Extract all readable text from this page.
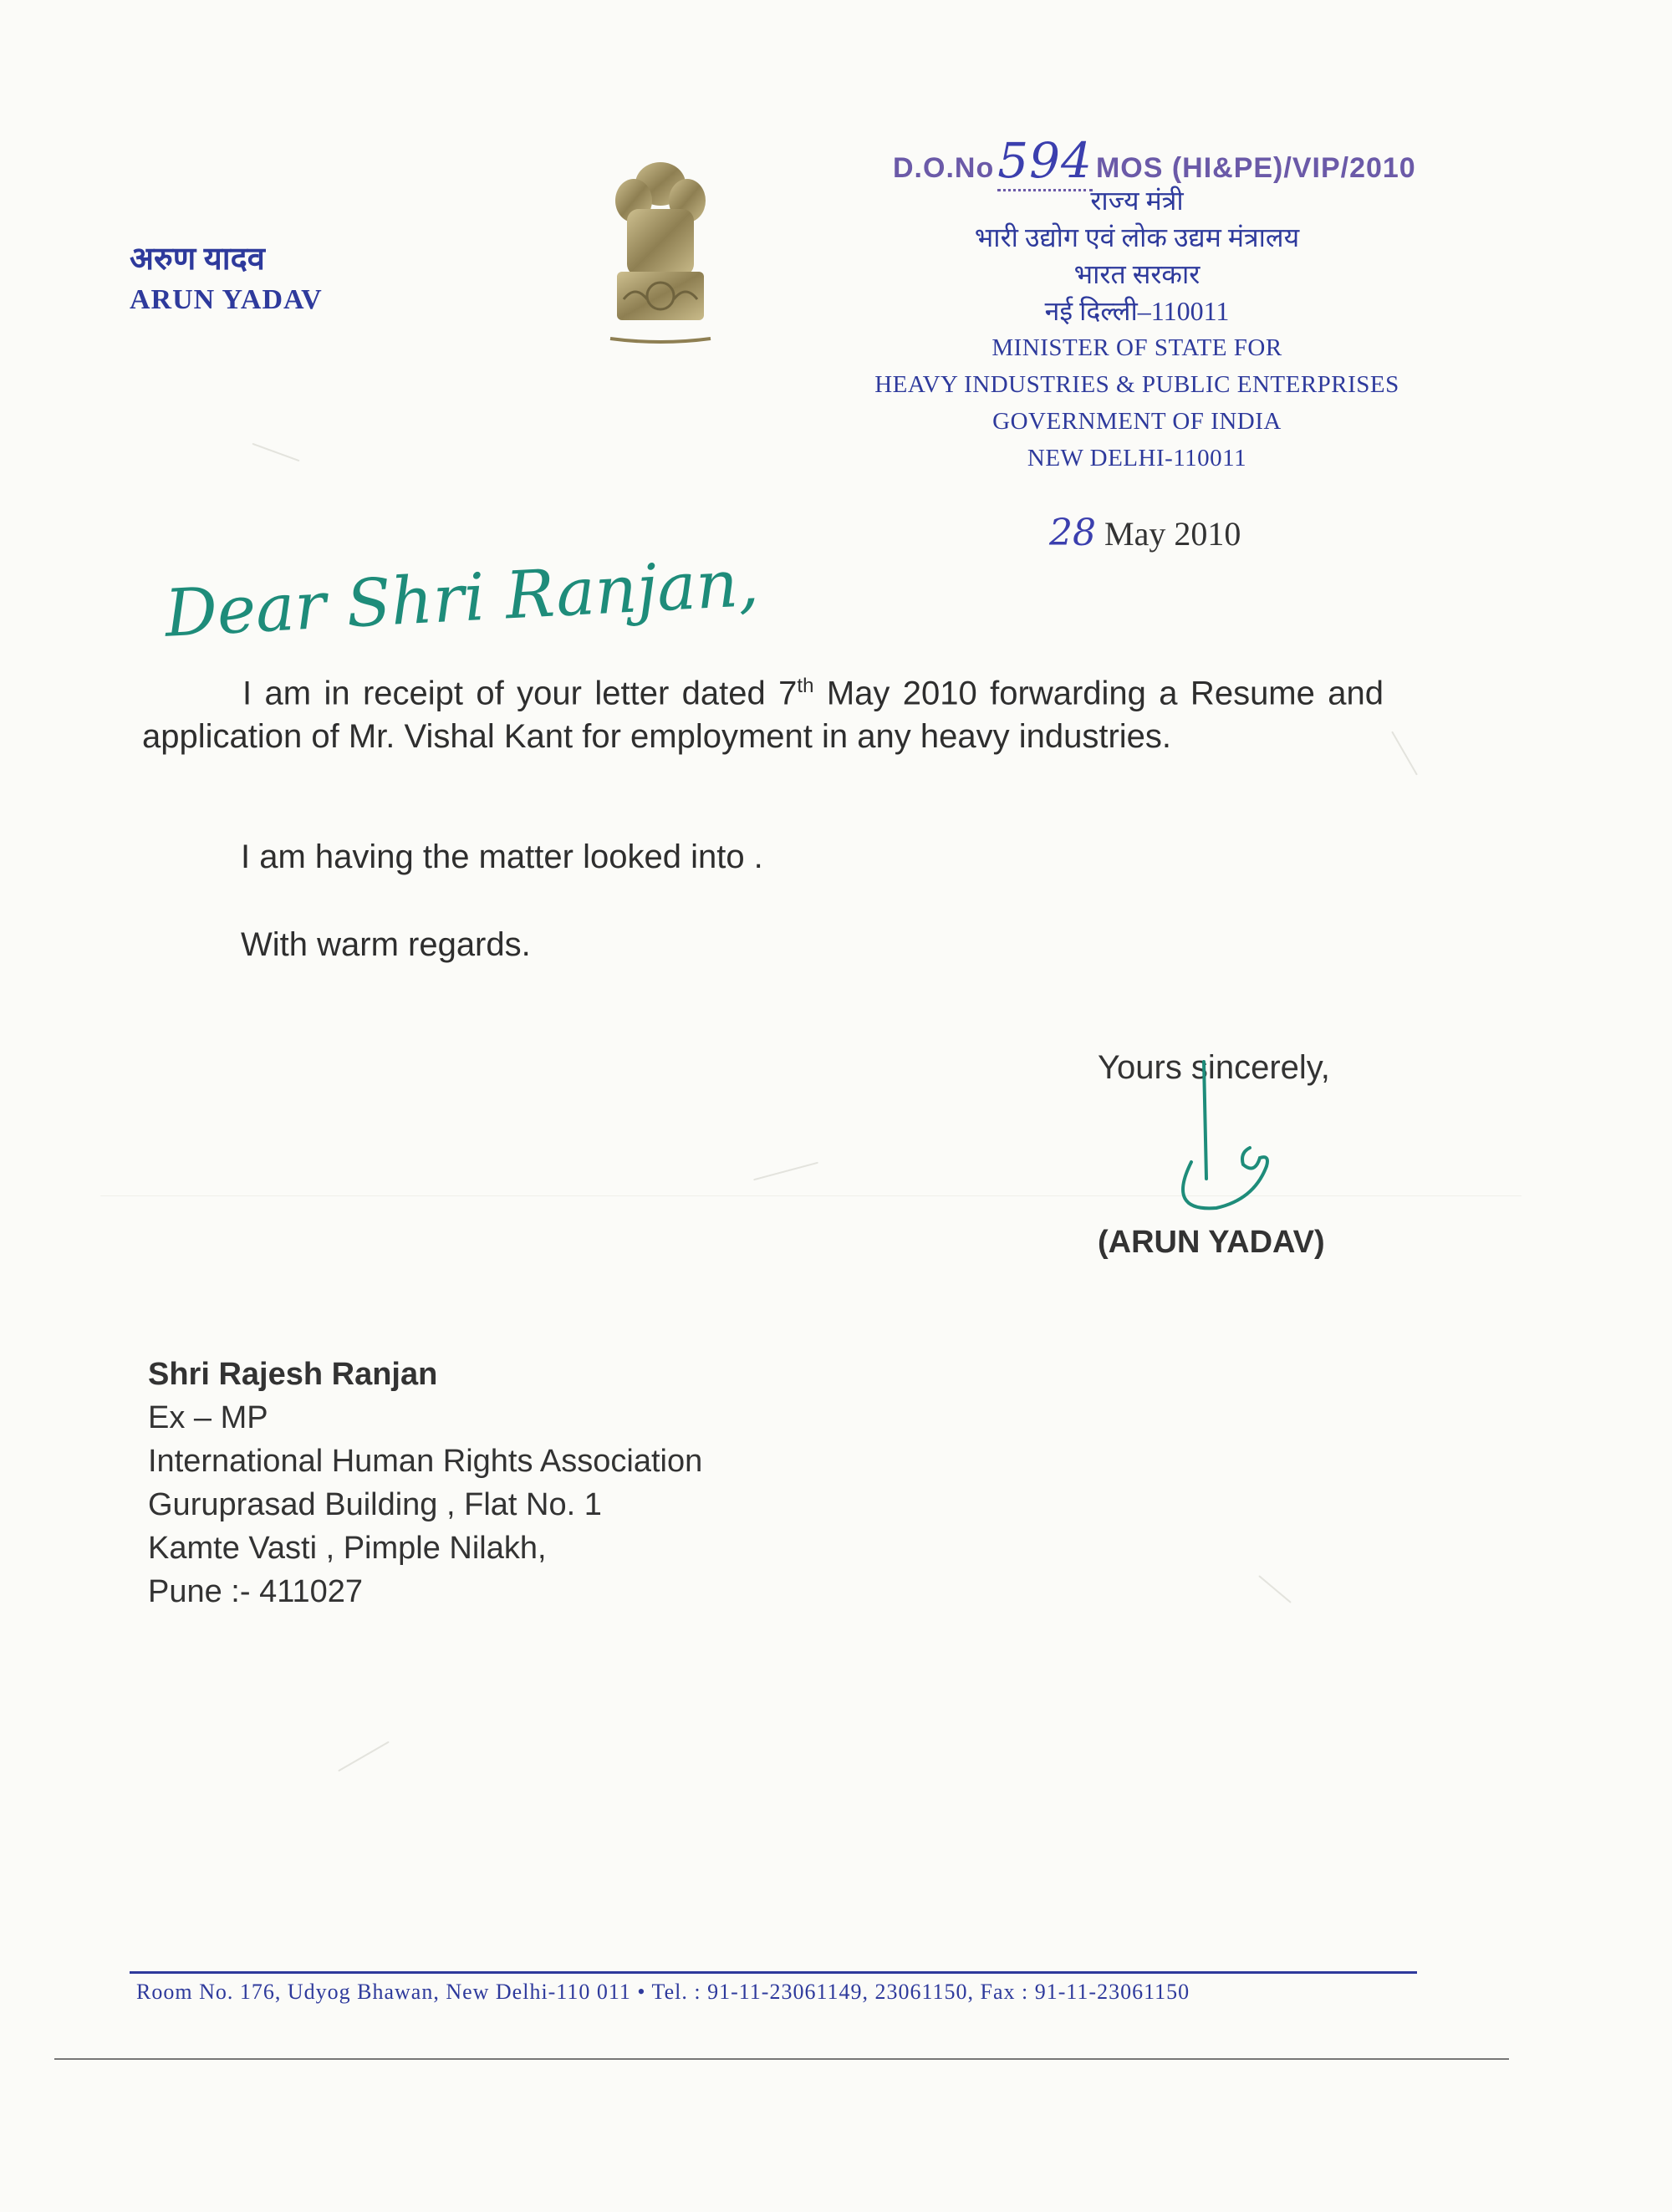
अरुण यादव
ARUN YADAV
D.O.No594 MOS (HI&PE)/VIP/2010
राज्य मंत्री
भारी उद्योग एवं लोक उद्यम मंत्रालय
भारत सरकार
नई दिल्ली–110011
MINISTER OF STATE FOR
HEAVY INDUSTRIES & PUBLIC ENTERPRISES
GOVERNMENT OF INDIA
NEW DELHI-110011
28 May 2010
Dear Shri Ranjan,

I am in receipt of your letter dated 7th May 2010 forwarding a Resume and application of Mr. Vishal Kant for employment in any heavy industries.

I am having the matter looked into .
With warm regards.
Yours sincerely,
(ARUN YADAV)
Shri Rajesh Ranjan
Ex – MP
International Human Rights Association
Guruprasad Building , Flat No. 1
Kamte Vasti , Pimple Nilakh,
Pune :- 411027
Room No. 176, Udyog Bhawan, New Delhi-110 011 • Tel. : 91-11-23061149, 23061150, Fax : 91-11-23061150
